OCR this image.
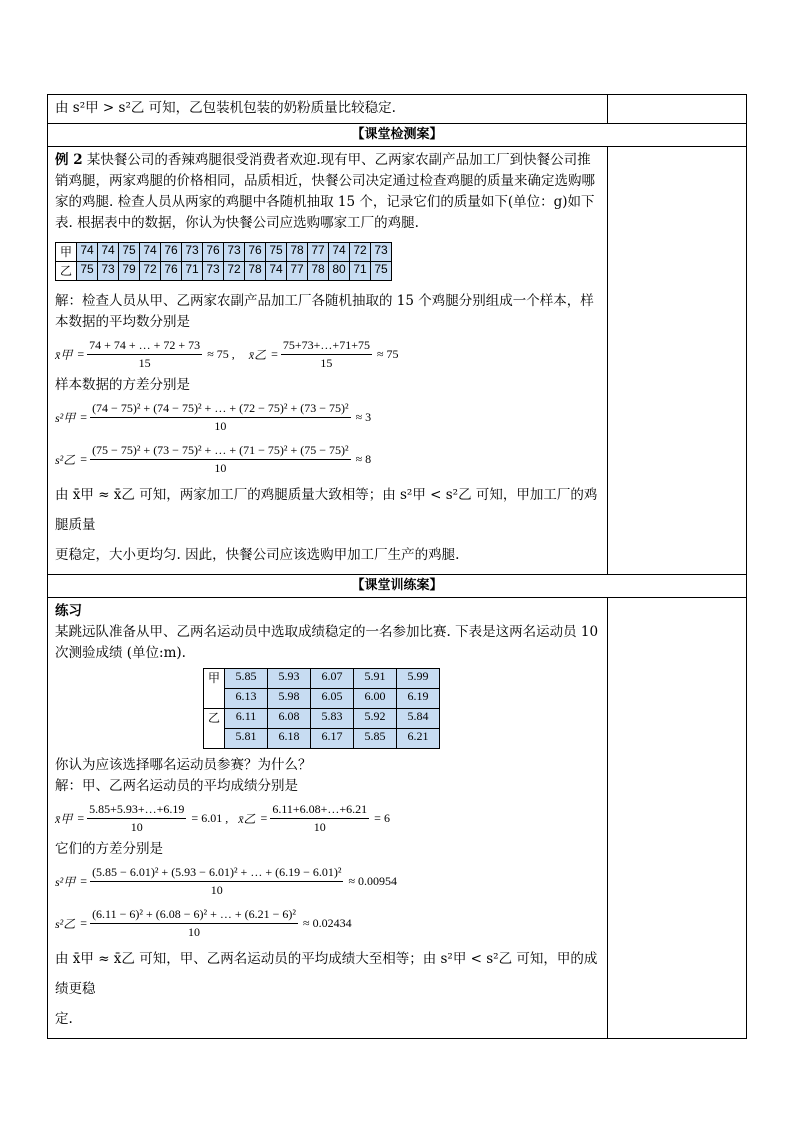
由 s²甲 > s²乙 可知，乙包装机包装的奶粉质量比较稳定.

【课堂检测案】

例 2 某快餐公司的香辣鸡腿很受消费者欢迎.现有甲、乙两家农副产品加工厂到快餐公司推销鸡腿，两家鸡腿的价格相同，品质相近，快餐公司决定通过检查鸡腿的质量来确定选购哪

家的鸡腿. 检查人员从两家的鸡腿中各随机抽取 15 个，记录它们的质量如下(单位：g)如下

表. 根据表中的数据，你认为快餐公司应选购哪家工厂的鸡腿.

甲	74	74	75	74	76	73	76	73	76	75	78	77	74	72	73
乙	75	73	79	72	76	71	73	72	78	74	77	78	80	71	75

解：检查人员从甲、乙两家农副产品加工厂各随机抽取的 15 个鸡腿分别组成一个样本，样本数据的平均数分别是

x̄甲 = $\frac{74 + 74 + \dots + 72 + 73}{15} \approx 75$ , x̄乙 = $\frac{75+73+\dots+71+75}{15} \approx 75$

样本数据的方差分别是

s²甲 = $\frac{\text{(74 − 75)² + (74 − 75)² + … + (72 − 75)² + (73 − 75)²}}{10} \approx 3$
s²乙 = $\frac{\text{(75 − 75)² + (73 − 75)² + … + (71 − 75)² + (75 − 75)²}}{10} \approx 8$

由 x̄甲 ≈ x̄乙 可知，两家加工厂的鸡腿质量大致相等；由 s²甲 < s²乙 可知，甲加工厂的鸡腿质量

更稳定，大小更均匀. 因此，快餐公司应该选购甲加工厂生产的鸡腿.

【课堂训练案】

练习

某跳远队准备从甲、乙两名运动员中选取成绩稳定的一名参加比赛. 下表是这两名运动员 10 次测验成绩 (单位:m).

甲	5.85	5.93	6.07	5.91	5.99
6.13	5.98	6.05	6.00	6.19
乙	6.11	6.08	5.83	5.92	5.84
5.81	6.18	6.17	5.85	6.21

你认为应该选择哪名运动员参赛？为什么？

解：甲、乙两名运动员的平均成绩分别是

x̄甲 = $\frac{5.85+5.93+\dots+6.19}{10} = 6.01$ , x̄乙 = $\frac{6.11+6.08+\dots+6.21}{10} = 6$

它们的方差分别是

s²甲 = $\frac{\text{(5.85 − 6.01)² + (5.93 − 6.01)² + … + (6.19 − 6.01)²}}{10} \approx 0.00954$
s²乙 = $\frac{\text{(6.11 − 6)² + (6.08 − 6)² + … + (6.21 − 6)²}}{10} \approx 0.02434$

由 x̄甲 ≈ x̄乙 可知，甲、乙两名运动员的平均成绩大至相等；由 s²甲 < s²乙 可知，甲的成绩更稳

定.
